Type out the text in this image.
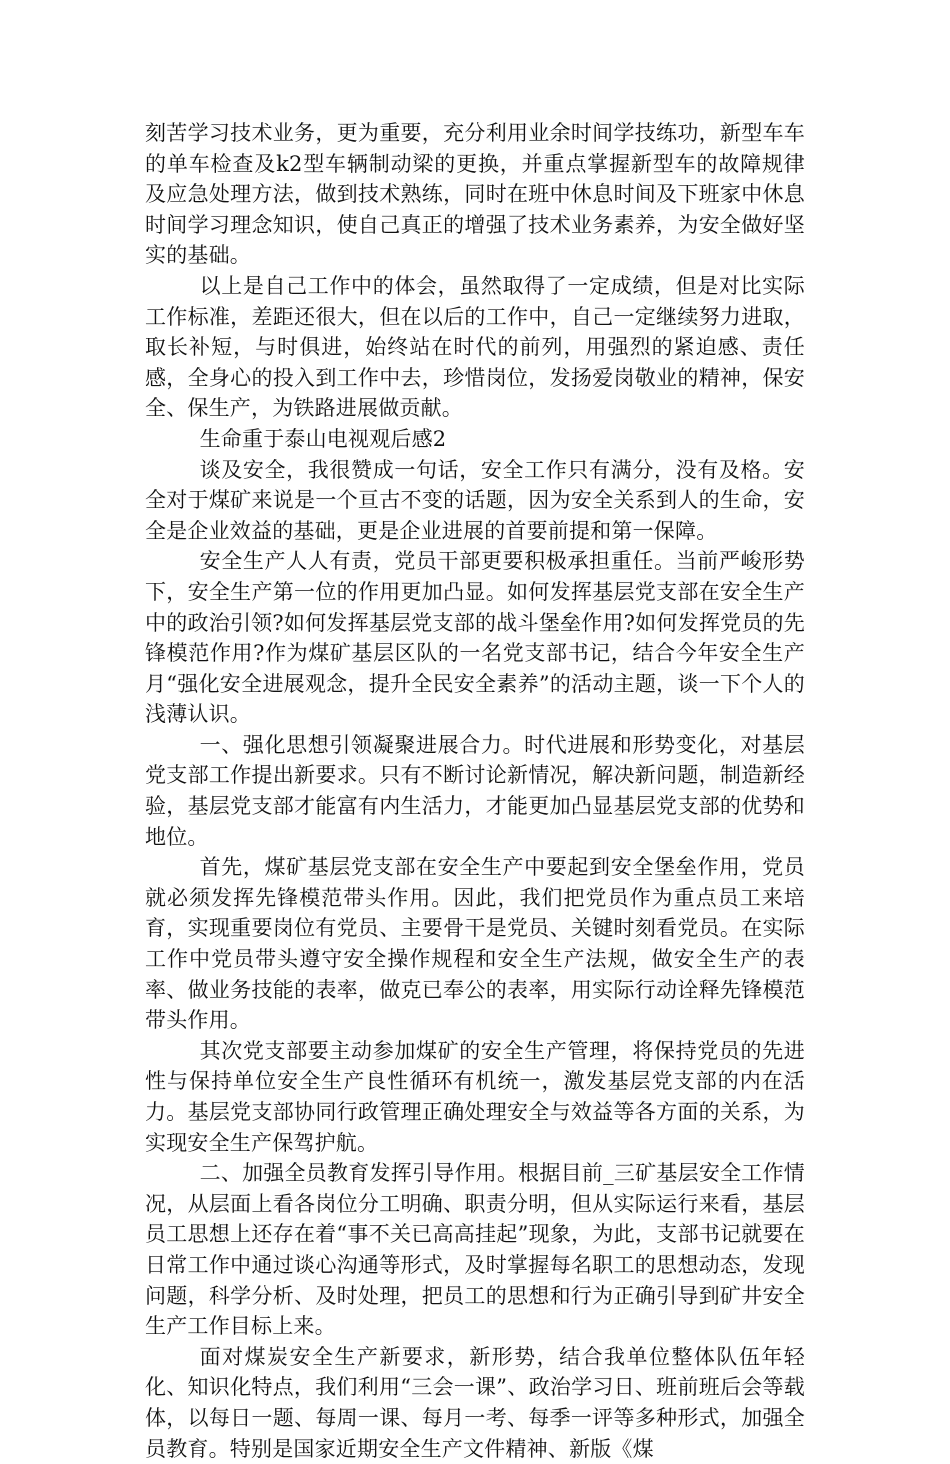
刻苦学习技术业务，更为重要，充分利用业余时间学技练功，新型车车的单车检查及k2型车辆制动梁的更换，并重点掌握新型车的故障规律及应急处理方法，做到技术熟练，同时在班中休息时间及下班家中休息时间学习理念知识，使自己真正的增强了技术业务素养，为安全做好坚实的基础。

以上是自己工作中的体会，虽然取得了一定成绩，但是对比实际工作标准，差距还很大，但在以后的工作中，自己一定继续努力进取，取长补短，与时俱进，始终站在时代的前列，用强烈的紧迫感、责任感，全身心的投入到工作中去，珍惜岗位，发扬爱岗敬业的精神，保安全、保生产，为铁路进展做贡献。

生命重于泰山电视观后感2

谈及安全，我很赞成一句话，安全工作只有满分，没有及格。安全对于煤矿来说是一个亘古不变的话题，因为安全关系到人的生命，安全是企业效益的基础，更是企业进展的首要前提和第一保障。

安全生产人人有责，党员干部更要积极承担重任。当前严峻形势下，安全生产第一位的作用更加凸显。如何发挥基层党支部在安全生产中的政治引领?如何发挥基层党支部的战斗堡垒作用?如何发挥党员的先锋模范作用?作为煤矿基层区队的一名党支部书记，结合今年安全生产月“强化安全进展观念，提升全民安全素养”的活动主题，谈一下个人的浅薄认识。

一、强化思想引领凝聚进展合力。时代进展和形势变化，对基层党支部工作提出新要求。只有不断讨论新情况，解决新问题，制造新经验，基层党支部才能富有内生活力，才能更加凸显基层党支部的优势和地位。

首先，煤矿基层党支部在安全生产中要起到安全堡垒作用，党员就必须发挥先锋模范带头作用。因此，我们把党员作为重点员工来培育，实现重要岗位有党员、主要骨干是党员、关键时刻看党员。在实际工作中党员带头遵守安全操作规程和安全生产法规，做安全生产的表率、做业务技能的表率，做克已奉公的表率，用实际行动诠释先锋模范带头作用。

其次党支部要主动参加煤矿的安全生产管理，将保持党员的先进性与保持单位安全生产良性循环有机统一，激发基层党支部的内在活力。基层党支部协同行政管理正确处理安全与效益等各方面的关系，为实现安全生产保驾护航。

二、加强全员教育发挥引导作用。根据目前_三矿基层安全工作情况，从层面上看各岗位分工明确、职责分明，但从实际运行来看，基层员工思想上还存在着“事不关已高高挂起”现象，为此，支部书记就要在日常工作中通过谈心沟通等形式，及时掌握每名职工的思想动态，发现问题，科学分析、及时处理，把员工的思想和行为正确引导到矿井安全生产工作目标上来。

面对煤炭安全生产新要求，新形势，结合我单位整体队伍年轻化、知识化特点，我们利用“三会一课”、政治学习日、班前班后会等载体，以每日一题、每周一课、每月一考、每季一评等多种形式，加强全员教育。特别是国家近期安全生产文件精神、新版《煤
